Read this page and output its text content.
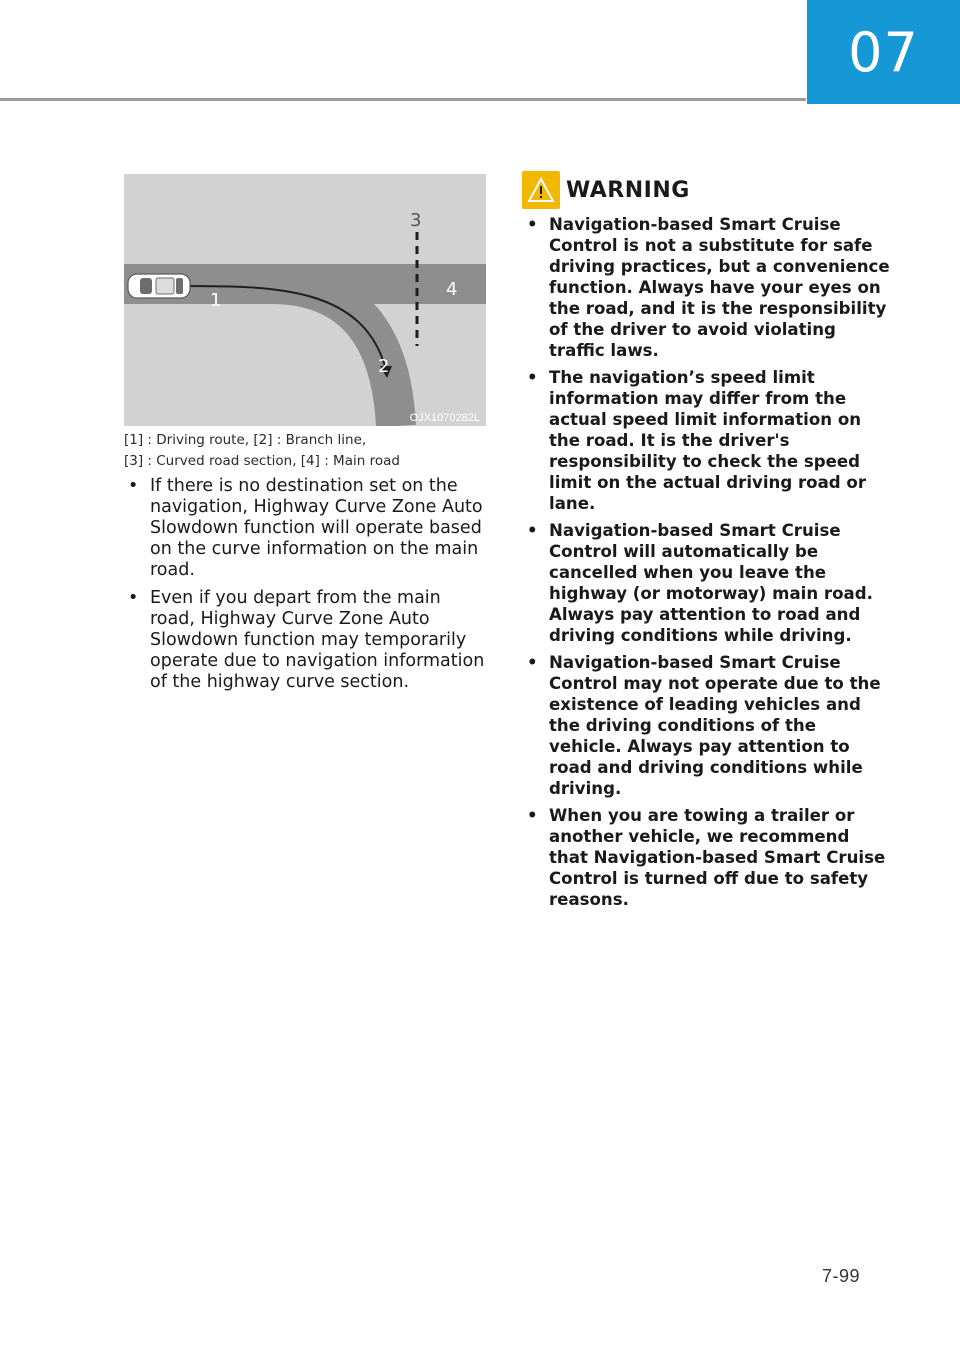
07
1
2
3
4
OJX1070282L
[1] : Driving route, [2] : Branch line,
[3] : Curved road section, [4] : Main road
• If there is no destination set on the navigation, Highway Curve Zone Auto Slowdown function will operate based on the curve information on the main road.
• Even if you depart from the main road, Highway Curve Zone Auto Slowdown function may temporarily operate due to navigation information of the highway curve section.
WARNING
• Navigation-based Smart Cruise Control is not a substitute for safe driving practices, but a convenience function. Always have your eyes on the road, and it is the responsibility of the driver to avoid violating traffic laws.
• The navigation’s speed limit information may differ from the actual speed limit information on the road. It is the driver's responsibility to check the speed limit on the actual driving road or lane.
• Navigation-based Smart Cruise Control will automatically be cancelled when you leave the highway (or motorway) main road. Always pay attention to road and driving conditions while driving.
• Navigation-based Smart Cruise Control may not operate due to the existence of leading vehicles and the driving conditions of the vehicle. Always pay attention to road and driving conditions while driving.
• When you are towing a trailer or another vehicle, we recommend that Navigation-based Smart Cruise Control is turned off due to safety reasons.
7-99
